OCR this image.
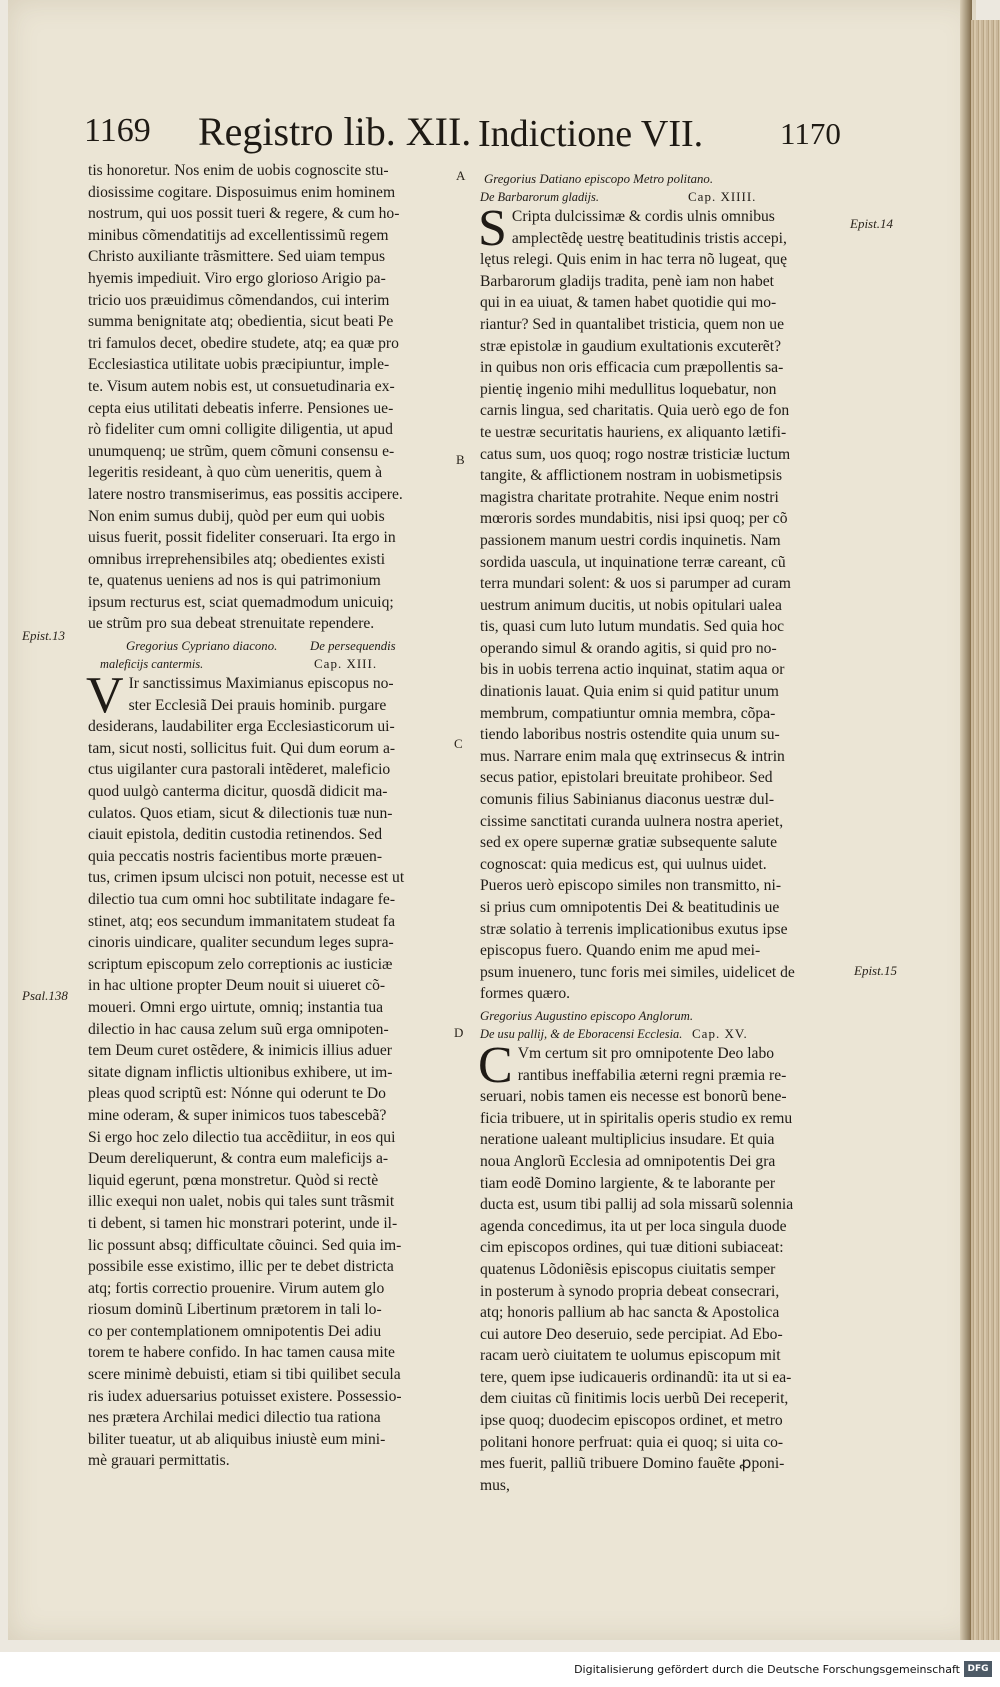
1169 Registro lib. XII. Indictione VII. 1170
tis honoretur. Nos enim de uobis cognoscite stu-
diosissime cogitare. Disposuimus enim hominem
nostrum, qui uos possit tueri & regere, & cum ho-
minibus cõmendatitijs ad excellentissimũ regem
Christo auxiliante trãsmittere. Sed uiam tempus
hyemis impediuit. Viro ergo glorioso Arigio pa-
tricio uos præuidimus cõmendandos, cui interim
summa benignitate atq; obedientia, sicut beati Pe
tri famulos decet, obedire studete, atq; ea quæ pro
Ecclesiastica utilitate uobis præcipiuntur, imple-
te. Visum autem nobis est, ut consuetudinaria ex-
cepta eius utilitati debeatis inferre. Pensiones ue-
rò fideliter cum omni colligite diligentia, ut apud
unumquenq; ue strũm, quem cõmuni consensu e-
legeritis resideant, à quo cùm ueneritis, quem à
latere nostro transmiserimus, eas possitis accipere.
Non enim sumus dubij, quòd per eum qui uobis
uisus fuerit, possit fideliter conseruari. Ita ergo in
omnibus irreprehensibiles atq; obedientes existi
te, quatenus ueniens ad nos is qui patrimonium
ipsum recturus est, sciat quemadmodum unicuiq;
ue strũm pro sua debeat strenuitate rependere.
Gregorius Cypriano diacono.	De persequendis
maleficijs cantermis.	Cap. XIII.
V Ir sanctissimus Maximianus episcopus no-
ster Ecclesiã Dei prauis hominib. purgare
desiderans, laudabiliter erga Ecclesiasticorum ui-
tam, sicut nosti, sollicitus fuit. Qui dum eorum a-
ctus uigilanter cura pastorali intẽderet, maleficio
quod uulgò canterma dicitur, quosdã didicit ma-
culatos. Quos etiam, sicut & dilectionis tuæ nun-
ciauit epistola, deditin custodia retinendos. Sed
quia peccatis nostris facientibus morte præuen-
tus, crimen ipsum ulcisci non potuit, necesse est ut
dilectio tua cum omni hoc subtilitate indagare fe-
stinet, atq; eos secundum immanitatem studeat fa
cinoris uindicare, qualiter secundum leges supra-
scriptum episcopum zelo correptionis ac iusticiæ
in hac ultione propter Deum nouit si uiueret cõ-
moueri. Omni ergo uirtute, omniq; instantia tua
dilectio in hac causa zelum suũ erga omnipoten-
tem Deum curet ostẽdere, & inimicis illius aduer
sitate dignam inflictis ultionibus exhibere, ut im-
pleas quod scriptũ est: Nónne qui oderunt te Do
mine oderam, & super inimicos tuos tabescebã?
Si ergo hoc zelo dilectio tua accẽdiitur, in eos qui
Deum dereliquerunt, & contra eum maleficijs a-
liquid egerunt, pœna monstretur. Quòd si rectè
illic exequi non ualet, nobis qui tales sunt trãsmit
ti debent, si tamen hic monstrari poterint, unde il-
lic possunt absq; difficultate cõuinci. Sed quia im-
possibile esse existimo, illic per te debet districta
atq; fortis correctio prouenire. Virum autem glo
riosum dominũ Libertinum prætorem in tali lo-
co per contemplationem omnipotentis Dei adiu
torem te habere confido. In hac tamen causa mite
scere minimè debuisti, etiam si tibi quilibet secula
ris iudex aduersarius potuisset existere. Possessio-
nes prætera Archilai medici dilectio tua rationa
biliter tueatur, ut ab aliquibus iniustè eum mini-
mè grauari permittatis.
Gregorius Datiano episcopo Metro politano.
De Barbarorum gladijs.	Cap. XIIII.
S Cripta dulcissimæ & cordis ulnis omnibus
amplectẽdę uestrę beatitudinis tristis accepi,
lętus relegi. Quis enim in hac terra nõ lugeat, quę
Barbarorum gladijs tradita, penè iam non habet
qui in ea uiuat, & tamen habet quotidie qui mo-
riantur? Sed in quantalibet tristicia, quem non ue
stræ epistolæ in gaudium exultationis excuterẽt?
in quibus non oris efficacia cum præpollentis sa-
pientię ingenio mihi medullitus loquebatur, non
carnis lingua, sed charitatis. Quia uerò ego de fon
te uestræ securitatis hauriens, ex aliquanto lætifi-
catus sum, uos quoq; rogo nostræ tristiciæ luctum
tangite, & afflictionem nostram in uobismetipsis
magistra charitate protrahite. Neque enim nostri
mœroris sordes mundabitis, nisi ipsi quoq; per cõ
passionem manum uestri cordis inquinetis. Nam
sordida uascula, ut inquinatione terræ careant, cũ
terra mundari solent: & uos si parumper ad curam
uestrum animum ducitis, ut nobis opitulari ualea
tis, quasi cum luto lutum mundatis. Sed quia hoc
operando simul & orando agitis, si quid pro no-
bis in uobis terrena actio inquinat, statim aqua or
dinationis lauat. Quia enim si quid patitur unum
membrum, compatiuntur omnia membra, cõpa-
tiendo laboribus nostris ostendite quia unum su-
mus. Narrare enim mala quę extrinsecus & intrin
secus patior, epistolari breuitate prohibeor. Sed
comunis filius Sabinianus diaconus uestræ dul-
cissime sanctitati curanda uulnera nostra aperiet,
sed ex opere supernæ gratiæ subsequente salute
cognoscat: quia medicus est, qui uulnus uidet.
Pueros uerò episcopo similes non transmitto, ni-
si prius cum omnipotentis Dei & beatitudinis ue
stræ solatio à terrenis implicationibus exutus ipse
episcopus fuero. Quando enim me apud mei-
psum inuenero, tunc foris mei similes, uidelicet de
formes quæro.
Gregorius Augustino episcopo Anglorum.
De usu pallij, & de Eboracensi Ecclesia. Cap. XV.
C Vm certum sit pro omnipotente Deo labo
rantibus ineffabilia æterni regni præmia re-
seruari, nobis tamen eis necesse est bonorũ bene-
ficia tribuere, ut in spiritalis operis studio ex remu
neratione ualeant multiplicius insudare. Et quia
noua Anglorũ Ecclesia ad omnipotentis Dei gra
tiam eodẽ Domino largiente, & te laborante per
ducta est, usum tibi pallij ad sola missarũ solennia
agenda concedimus, ita ut per loca singula duode
cim episcopos ordines, qui tuæ ditioni subiaceat:
quatenus Lõdoniẽsis episcopus ciuitatis semper
in posterum à synodo propria debeat consecrari,
atq; honoris pallium ab hac sancta & Apostolica
cui autore Deo deseruio, sede percipiat. Ad Ebo-
racam uerò ciuitatem te uolumus episcopum mit
tere, quem ipse iudicaueris ordinandũ: ita ut si ea-
dem ciuitas cũ finitimis locis uerbũ Dei receperit,
ipse quoq; duodecim episcopos ordinet, et metro
politani honore perfruat: quia ei quoq; si uita co-
mes fuerit, palliũ tribuere Domino fauẽte ꝓponi-
mus,
A
B
C
D
Epist.13
Psal.138
Epist.14
Epist.15
Digitalisierung gefördert durch die Deutsche Forschungsgemeinschaft DFG
